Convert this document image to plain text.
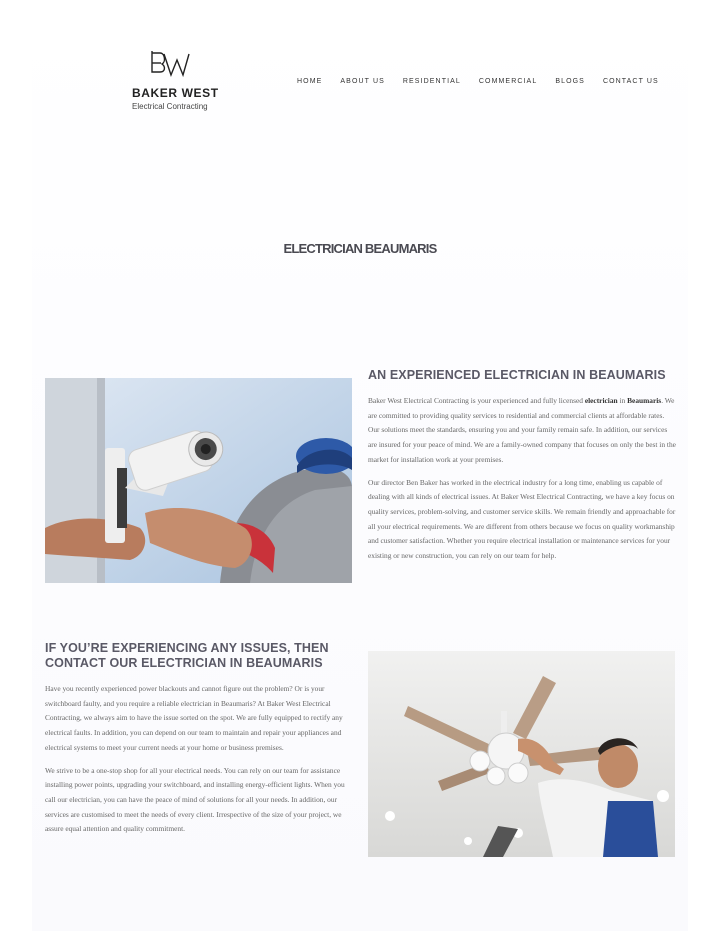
BAKER WEST
Electrical Contracting
HOME	ABOUT US	RESIDENTIAL	COMMERCIAL	BLOGS	CONTACT US
ELECTRICIAN BEAUMARIS
AN EXPERIENCED ELECTRICIAN IN BEAUMARIS

Baker West Electrical Contracting is your experienced and fully licensed electrician in Beaumaris. We are committed to providing quality services to residential and commercial clients at affordable rates. Our solutions meet the standards, ensuring you and your family remain safe. In addition, our services are insured for your peace of mind. We are a family-owned company that focuses on only the best in the market for installation work at your premises.

Our director Ben Baker has worked in the electrical industry for a long time, enabling us capable of dealing with all kinds of electrical issues. At Baker West Electrical Contracting, we have a key focus on quality services, problem-solving, and customer service skills. We remain friendly and approachable for all your electrical requirements. We are different from others because we focus on quality workmanship and customer satisfaction. Whether you require electrical installation or maintenance services for your existing or new construction, you can rely on our team for help.

IF YOU’RE EXPERIENCING ANY ISSUES, THEN CONTACT OUR ELECTRICIAN IN BEAUMARIS

Have you recently experienced power blackouts and cannot figure out the problem? Or is your switchboard faulty, and you require a reliable electrician in Beaumaris? At Baker West Electrical Contracting, we always aim to have the issue sorted on the spot. We are fully equipped to rectify any electrical faults. In addition, you can depend on our team to maintain and repair your appliances and electrical systems to meet your current needs at your home or business premises.

We strive to be a one-stop shop for all your electrical needs. You can rely on our team for assistance installing power points, upgrading your switchboard, and installing energy-efficient lights. When you call our electrician, you can have the peace of mind of solutions for all your needs. In addition, our services are customised to meet the needs of every client. Irrespective of the size of your project, we assure equal attention and quality commitment.
